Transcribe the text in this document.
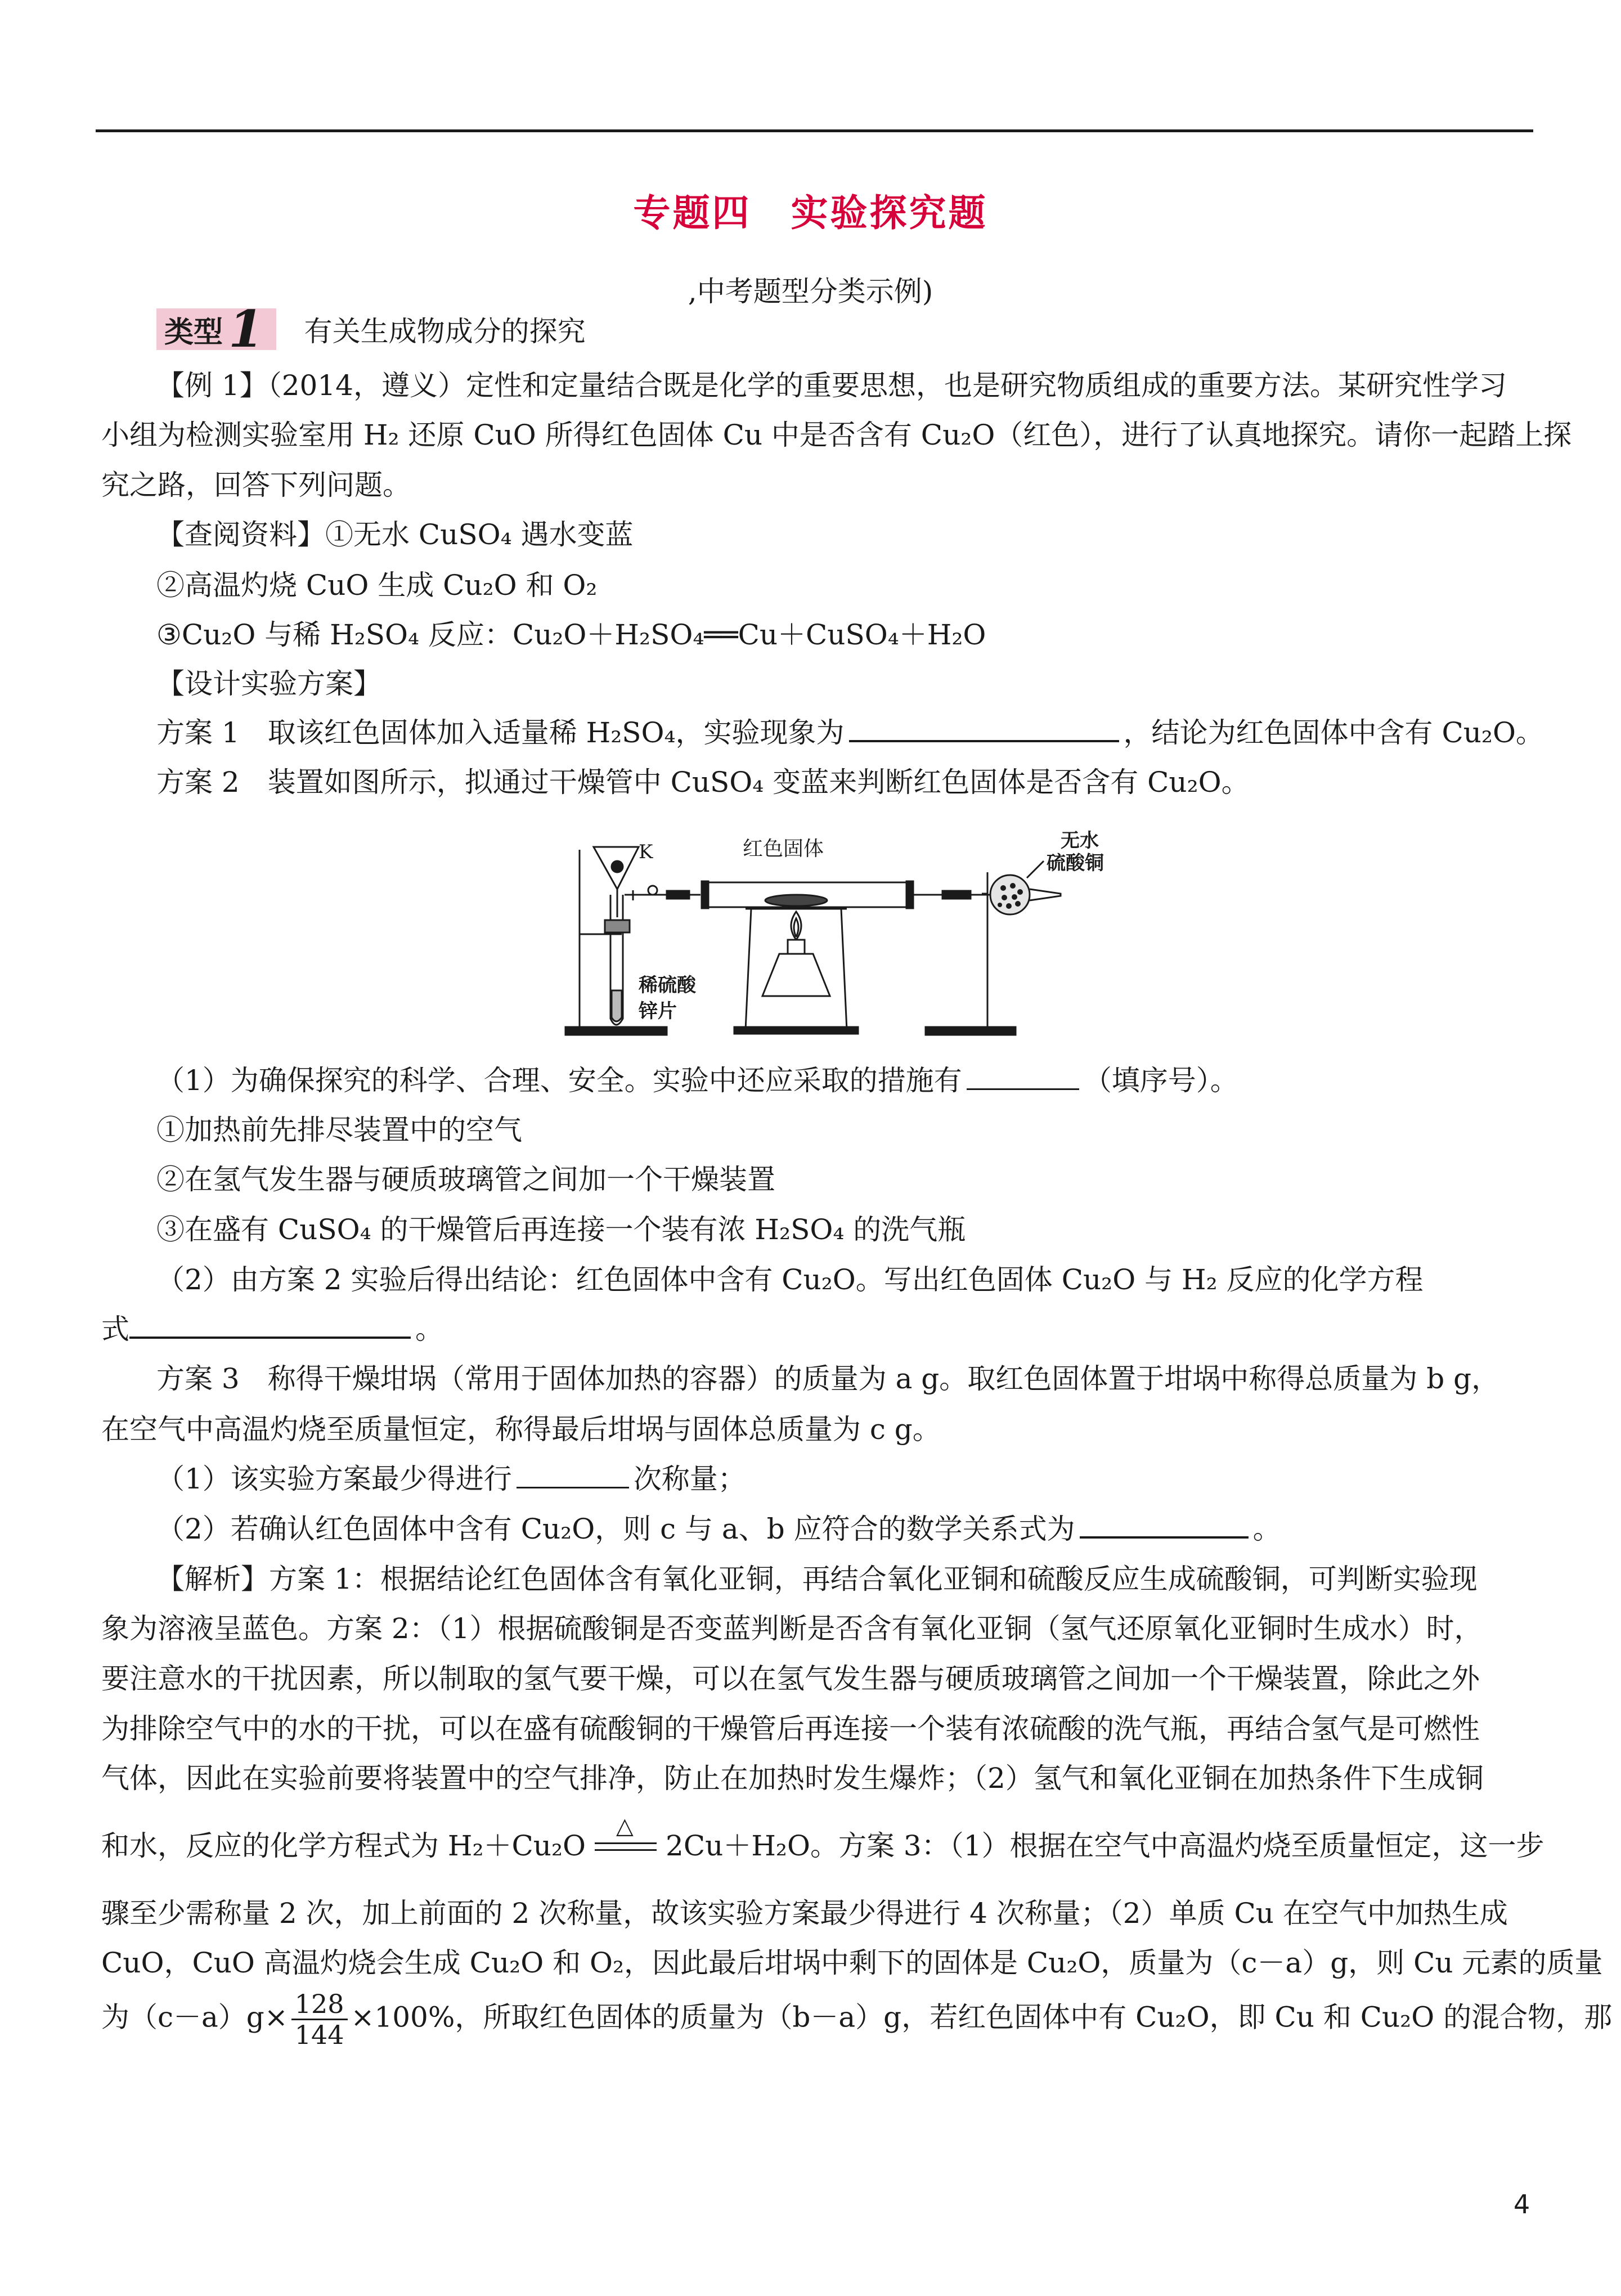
专题四 实验探究题
,中考题型分类示例)
类型 1 有关生成物成分的探究
【例 1】（2014，遵义）定性和定量结合既是化学的重要思想，也是研究物质组成的重要方法。某研究性学习
小组为检测实验室用 H₂ 还原 CuO 所得红色固体 Cu 中是否含有 Cu₂O（红色），进行了认真地探究。请你一起踏上探
究之路，回答下列问题。
【查阅资料】①无水 CuSO₄ 遇水变蓝
②高温灼烧 CuO 生成 Cu₂O 和 O₂
③Cu₂O 与稀 H₂SO₄ 反应：Cu₂O＋H₂SO₄══Cu＋CuSO₄＋H₂O
【设计实验方案】
方案 1　取该红色固体加入适量稀 H₂SO₄，实验现象为	，结论为红色固体中含有 Cu₂O。
方案 2　装置如图所示，拟通过干燥管中 CuSO₄ 变蓝来判断红色固体是否含有 Cu₂O。
K	红色固体	无水
硫酸铜
稀硫酸
锌片
（1）为确保探究的科学、合理、安全。实验中还应采取的措施有	（填序号）。
①加热前先排尽装置中的空气
②在氢气发生器与硬质玻璃管之间加一个干燥装置
③在盛有 CuSO₄ 的干燥管后再连接一个装有浓 H₂SO₄ 的洗气瓶
（2）由方案 2 实验后得出结论：红色固体中含有 Cu₂O。写出红色固体 Cu₂O 与 H₂ 反应的化学方程
式	。
方案 3　称得干燥坩埚（常用于固体加热的容器）的质量为 a g。取红色固体置于坩埚中称得总质量为 b g，
在空气中高温灼烧至质量恒定，称得最后坩埚与固体总质量为 c g。
（1）该实验方案最少得进行	次称量；
（2）若确认红色固体中含有 Cu₂O，则 c 与 a、b 应符合的数学关系式为	。
【解析】方案 1：根据结论红色固体含有氧化亚铜，再结合氧化亚铜和硫酸反应生成硫酸铜，可判断实验现
象为溶液呈蓝色。方案 2：（1）根据硫酸铜是否变蓝判断是否含有氧化亚铜（氢气还原氧化亚铜时生成水）时，
要注意水的干扰因素，所以制取的氢气要干燥，可以在氢气发生器与硬质玻璃管之间加一个干燥装置，除此之外
为排除空气中的水的干扰，可以在盛有硫酸铜的干燥管后再连接一个装有浓硫酸的洗气瓶，再结合氢气是可燃性
气体，因此在实验前要将装置中的空气排净，防止在加热时发生爆炸；（2）氢气和氧化亚铜在加热条件下生成铜
和水，反应的化学方程式为 H₂＋Cu₂O
△
2Cu＋H₂O。方案 3：（1）根据在空气中高温灼烧至质量恒定，这一步
骤至少需称量 2 次，加上前面的 2 次称量，故该实验方案最少得进行 4 次称量；（2）单质 Cu 在空气中加热生成
CuO，CuO 高温灼烧会生成 Cu₂O 和 O₂，因此最后坩埚中剩下的固体是 Cu₂O，质量为（c－a）g，则 Cu 元素的质量
为$(c-a)g\times \frac{128}{144} \times 100\%$，所取红色固体的质量为（b－a）g，若红色固体中有 Cu₂O，即 Cu 和 Cu₂O 的混合物，那
4
